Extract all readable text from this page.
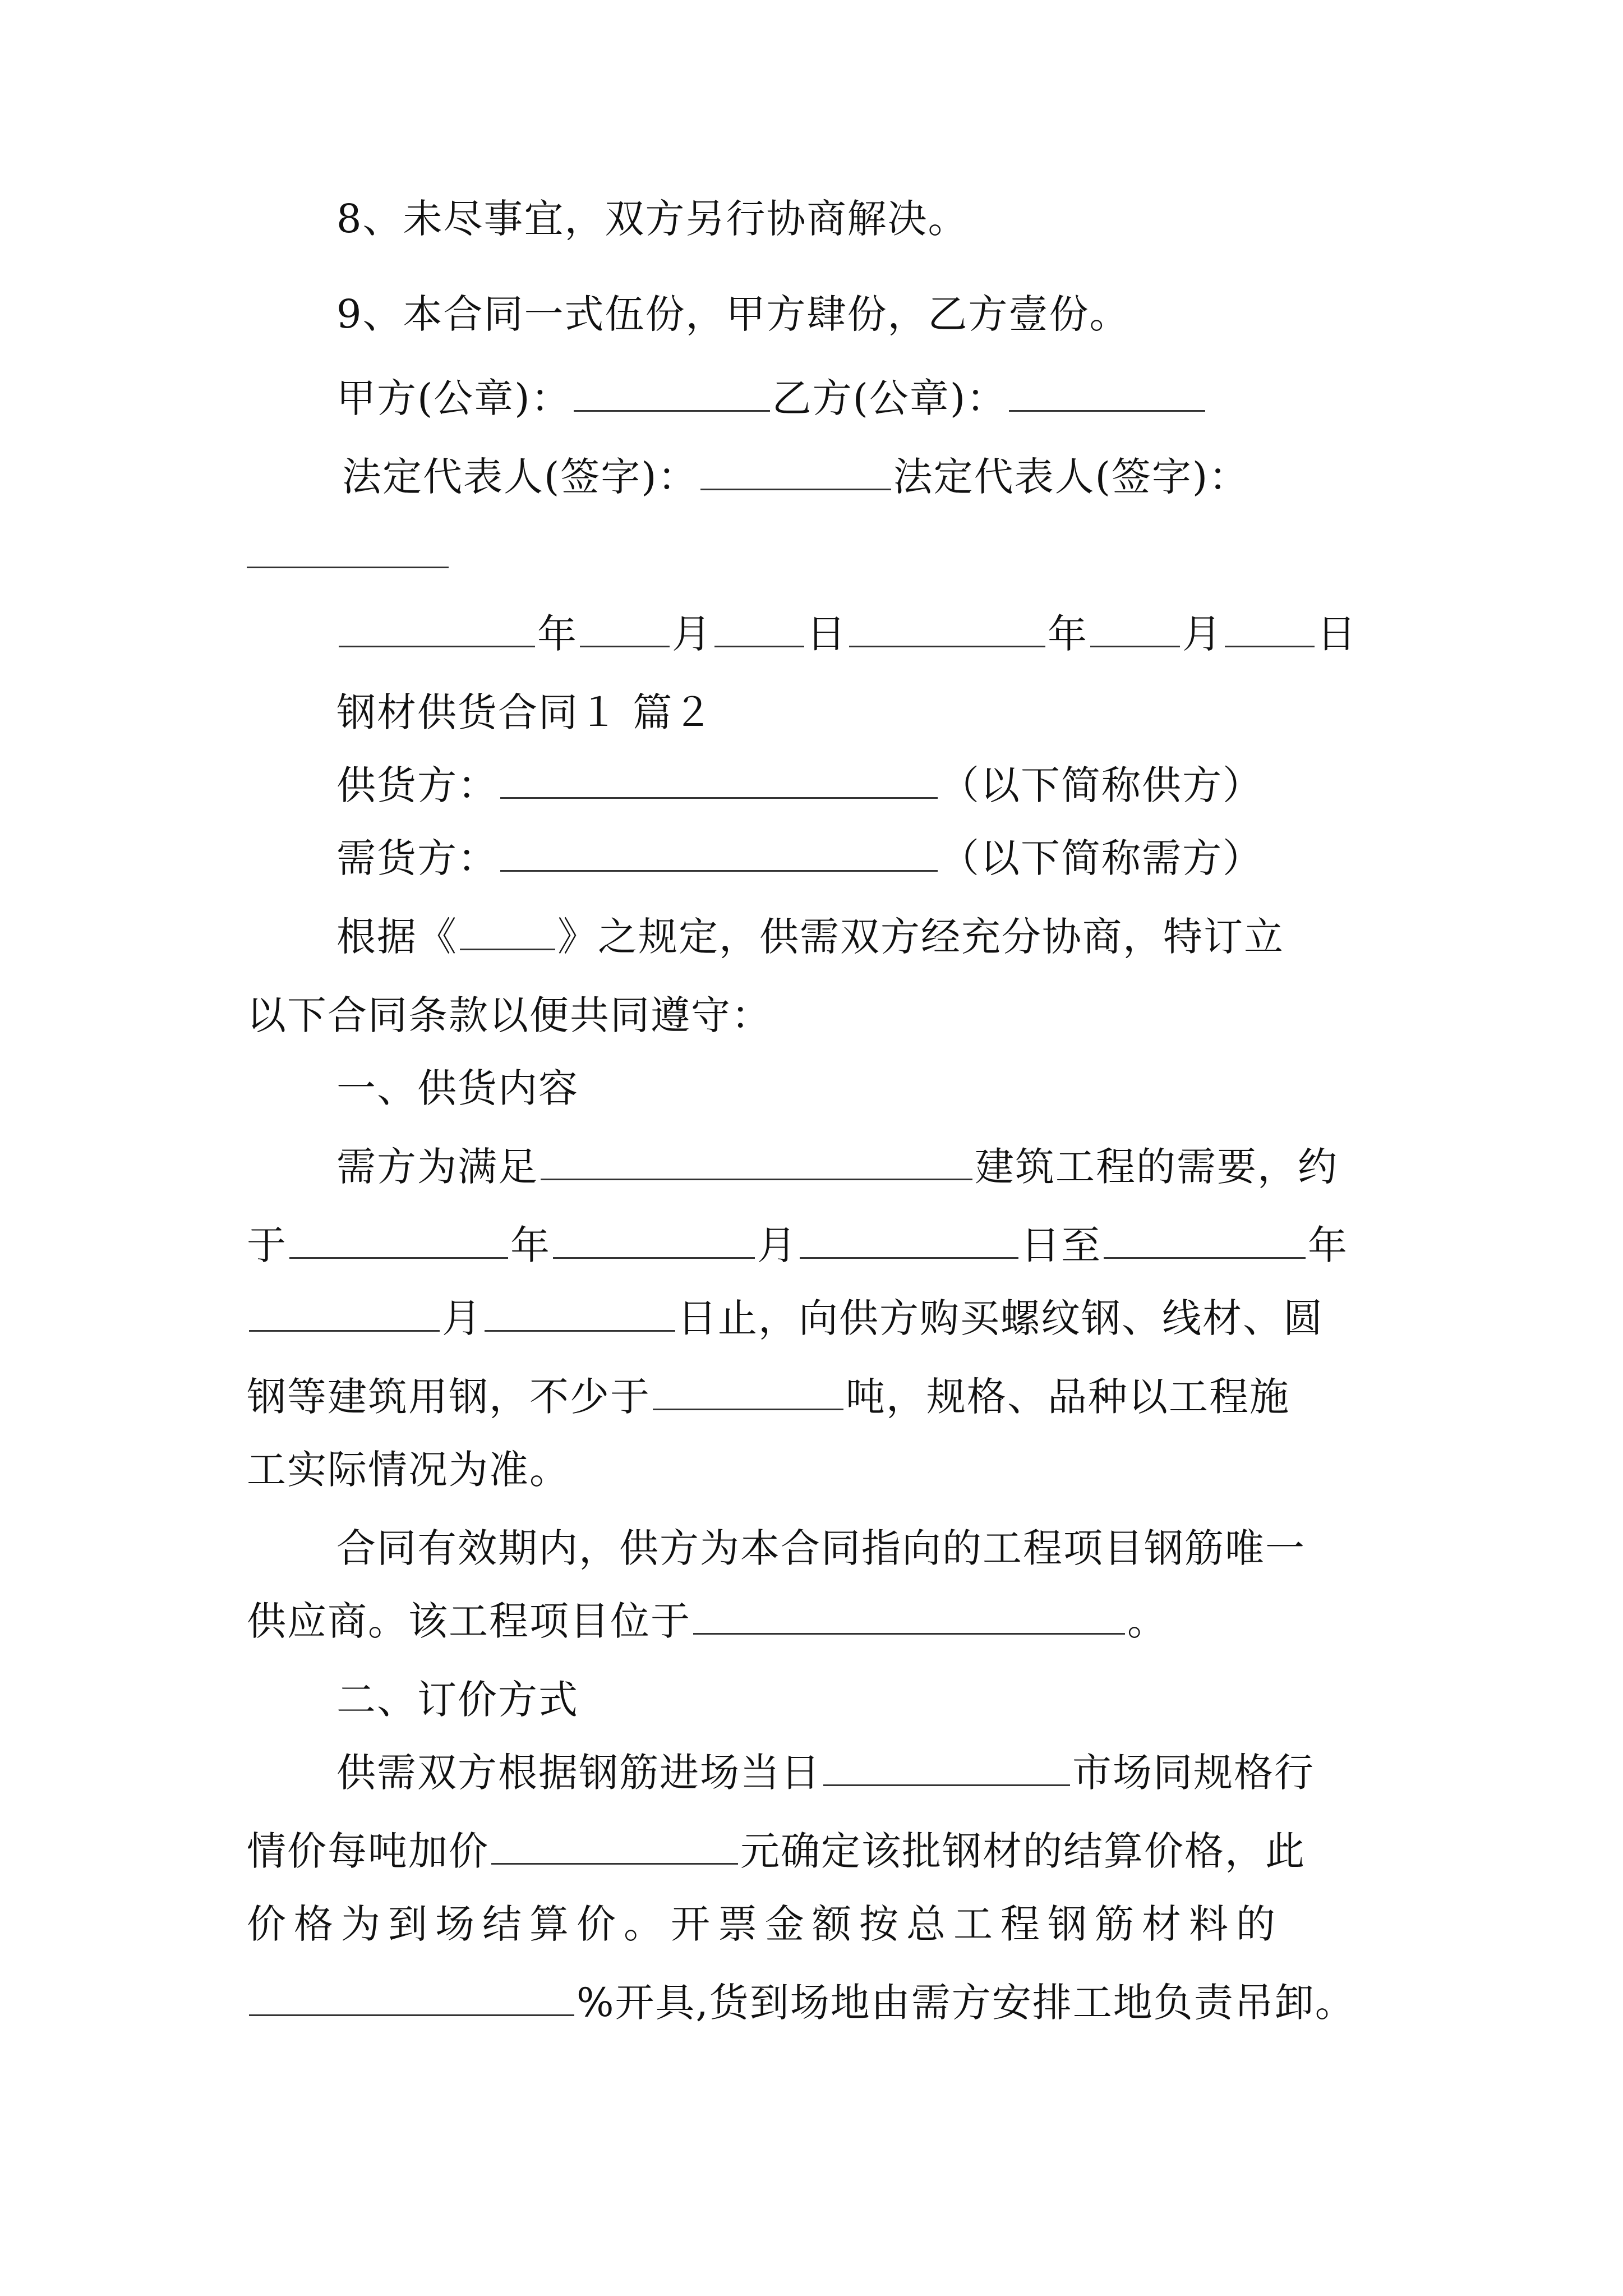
8、未尽事宜，双方另行协商解决。
9、本合同一式伍份，甲方肆份，乙方壹份。
甲方(公章)：	乙方(公章)：
法定代表人(签字)：	法定代表人(签字)：
年 月 日	年 月 日
钢材供货合同１ 篇２
供货方：	（以下简称供方）
需货方：	（以下简称需方）
根据《	》之规定，供需双方经充分协商，特订立
以下合同条款以便共同遵守：
一、供货内容
需方为满足	建筑工程的需要，约
于	年	月	日至	年
月	日止，向供方购买螺纹钢、线材、圆
钢等建筑用钢，不少于	吨，规格、品种以工程施
工实际情况为准。
合同有效期内，供方为本合同指向的工程项目钢筋唯一
供应商。该工程项目位于	。
二、订价方式
供需双方根据钢筋进场当日	市场同规格行
情价每吨加价	元确定该批钢材的结算价格，此
价格为到场结算价。开票金额按总工程钢筋材料的
%开具,货到场地由需方安排工地负责吊卸。
